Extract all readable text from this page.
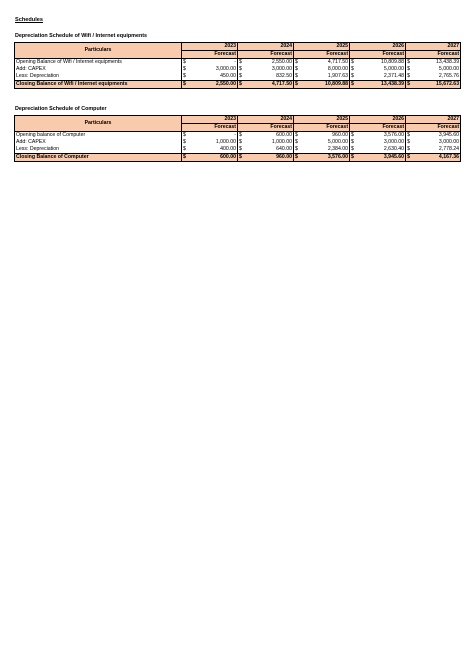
Schedules
Depreciation Schedule of Wifi / Internet equipments
Particulars	2023		2024		2025		2026		2027	
	Forecast		Forecast		Forecast		Forecast		Forecast	
Opening Balance of Wifi / Internet equipments	$	-	$	2,550.00	$	4,717.50	$	10,809.88	$	13,438.39
Add: CAPEX	$	3,000.00	$	3,000.00	$	8,000.00	$	5,000.00	$	5,000.00
Less: Depreciation	$	450.00	$	832.50	$	1,907.63	$	2,371.48	$	2,765.76
Closing Balance of Wifi / Internet equipments	$	2,550.00	$	4,717.50	$	10,809.88	$	13,438.39	$	15,672.63
Depreciation Schedule of Computer
Particulars	2023		2024		2025		2026		2027	
	Forecast		Forecast		Forecast		Forecast		Forecast	
Opening balance of Computer	$	-	$	600.00	$	960.00	$	3,576.00	$	3,945.60
Add: CAPEX	$	1,000.00	$	1,000.00	$	5,000.00	$	3,000.00	$	3,000.00
Less: Depreciation	$	400.00	$	640.00	$	2,384.00	$	2,630.40	$	2,778.24
Closing Balance of Computer	$	600.00	$	960.00	$	3,576.00	$	3,945.60	$	4,167.36
